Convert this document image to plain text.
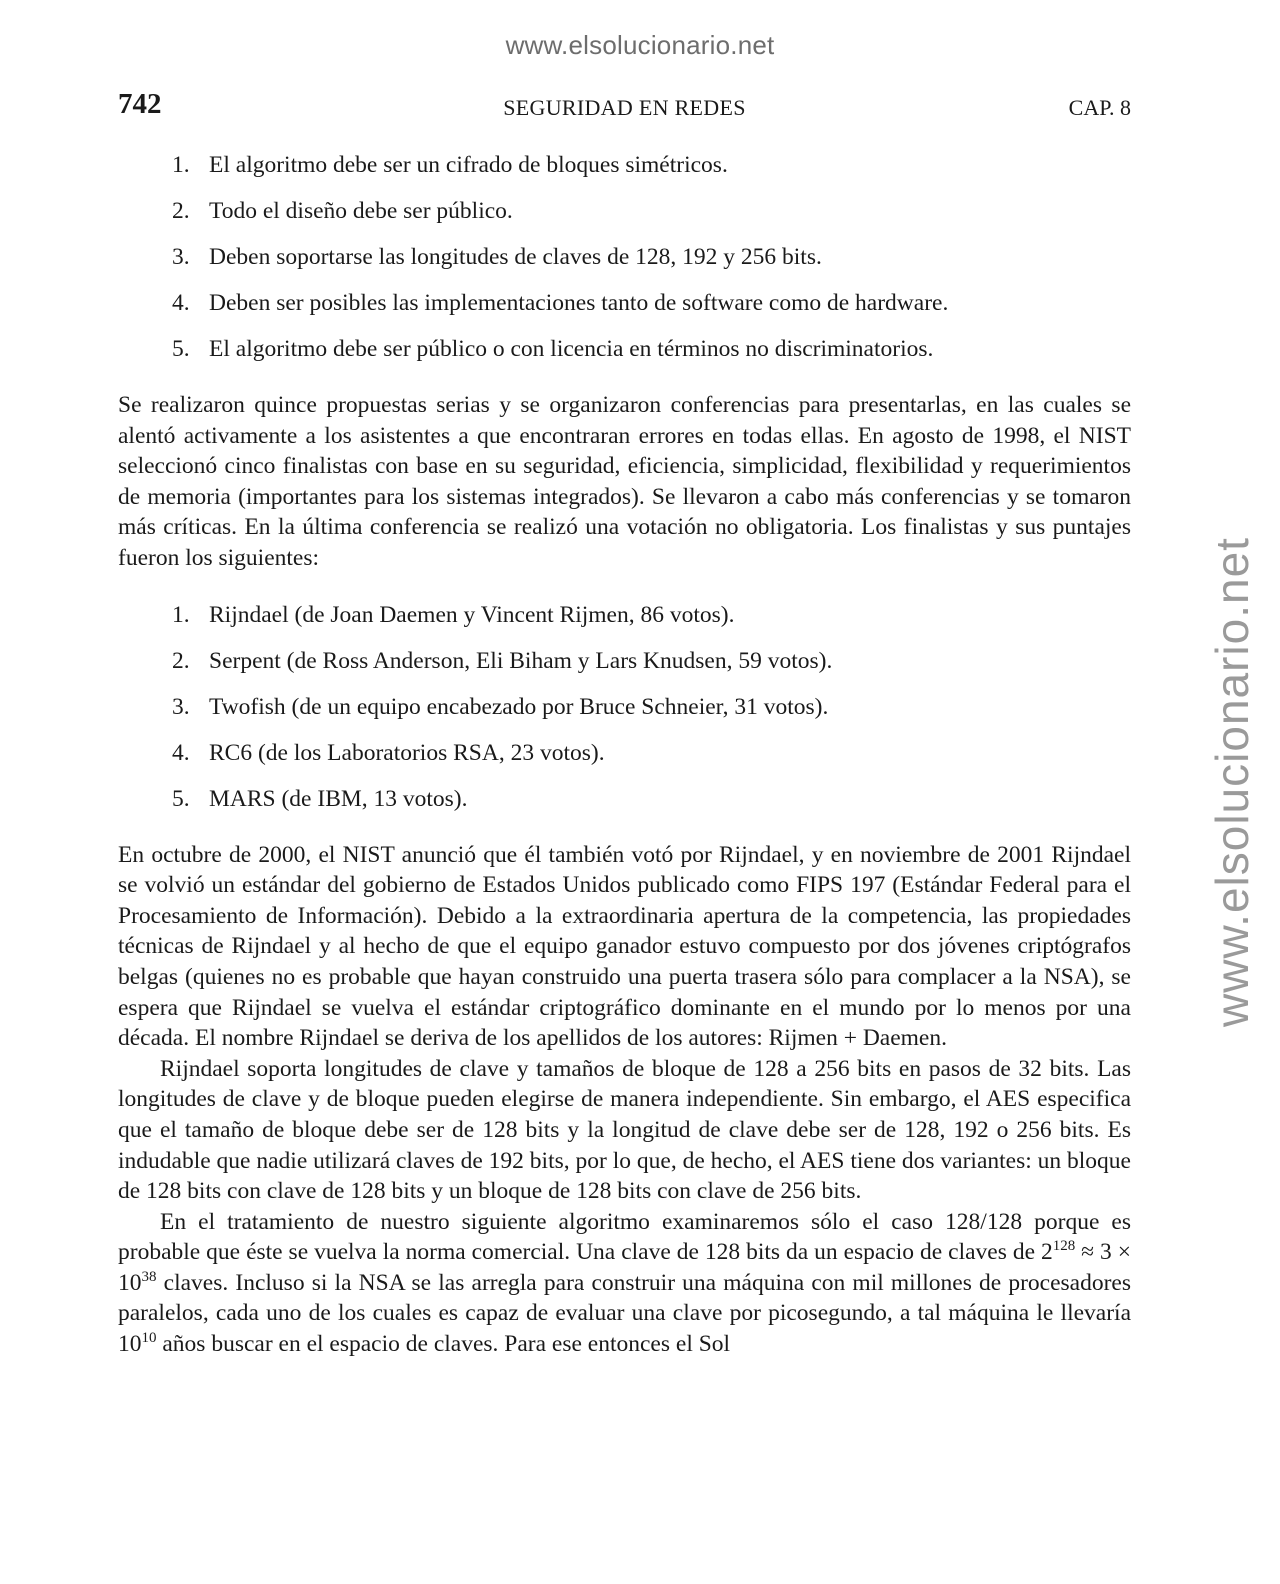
www.elsolucionario.net
www.elsolucionario.net
742	SEGURIDAD EN REDES	CAP. 8
1. El algoritmo debe ser un cifrado de bloques simétricos.
2. Todo el diseño debe ser público.
3. Deben soportarse las longitudes de claves de 128, 192 y 256 bits.
4. Deben ser posibles las implementaciones tanto de software como de hardware.
5. El algoritmo debe ser público o con licencia en términos no discriminatorios.

Se realizaron quince propuestas serias y se organizaron conferencias para presentarlas, en las cuales se alentó activamente a los asistentes a que encontraran errores en todas ellas. En agosto de 1998, el NIST seleccionó cinco finalistas con base en su seguridad, eficiencia, simplicidad, flexibilidad y requerimientos de memoria (importantes para los sistemas integrados). Se llevaron a cabo más conferencias y se tomaron más críticas. En la última conferencia se realizó una votación no obligatoria. Los finalistas y sus puntajes fueron los siguientes:

1. Rijndael (de Joan Daemen y Vincent Rijmen, 86 votos).
2. Serpent (de Ross Anderson, Eli Biham y Lars Knudsen, 59 votos).
3. Twofish (de un equipo encabezado por Bruce Schneier, 31 votos).
4. RC6 (de los Laboratorios RSA, 23 votos).
5. MARS (de IBM, 13 votos).

En octubre de 2000, el NIST anunció que él también votó por Rijndael, y en noviembre de 2001 Rijndael se volvió un estándar del gobierno de Estados Unidos publicado como FIPS 197 (Estándar Federal para el Procesamiento de Información). Debido a la extraordinaria apertura de la competencia, las propiedades técnicas de Rijndael y al hecho de que el equipo ganador estuvo compuesto por dos jóvenes criptógrafos belgas (quienes no es probable que hayan construido una puerta trasera sólo para complacer a la NSA), se espera que Rijndael se vuelva el estándar criptográfico dominante en el mundo por lo menos por una década. El nombre Rijndael se deriva de los apellidos de los autores: Rijmen + Daemen.

Rijndael soporta longitudes de clave y tamaños de bloque de 128 a 256 bits en pasos de 32 bits. Las longitudes de clave y de bloque pueden elegirse de manera independiente. Sin embargo, el AES especifica que el tamaño de bloque debe ser de 128 bits y la longitud de clave debe ser de 128, 192 o 256 bits. Es indudable que nadie utilizará claves de 192 bits, por lo que, de hecho, el AES tiene dos variantes: un bloque de 128 bits con clave de 128 bits y un bloque de 128 bits con clave de 256 bits.

En el tratamiento de nuestro siguiente algoritmo examinaremos sólo el caso 128/128 porque es probable que éste se vuelva la norma comercial. Una clave de 128 bits da un espacio de claves de $2^{128} \approx 3 \times 10^{38}$ claves. Incluso si la NSA se las arregla para construir una máquina con mil millones de procesadores paralelos, cada uno de los cuales es capaz de evaluar una clave por picosegundo, a tal máquina le llevaría $10^{10}$ años buscar en el espacio de claves. Para ese entonces el Sol
